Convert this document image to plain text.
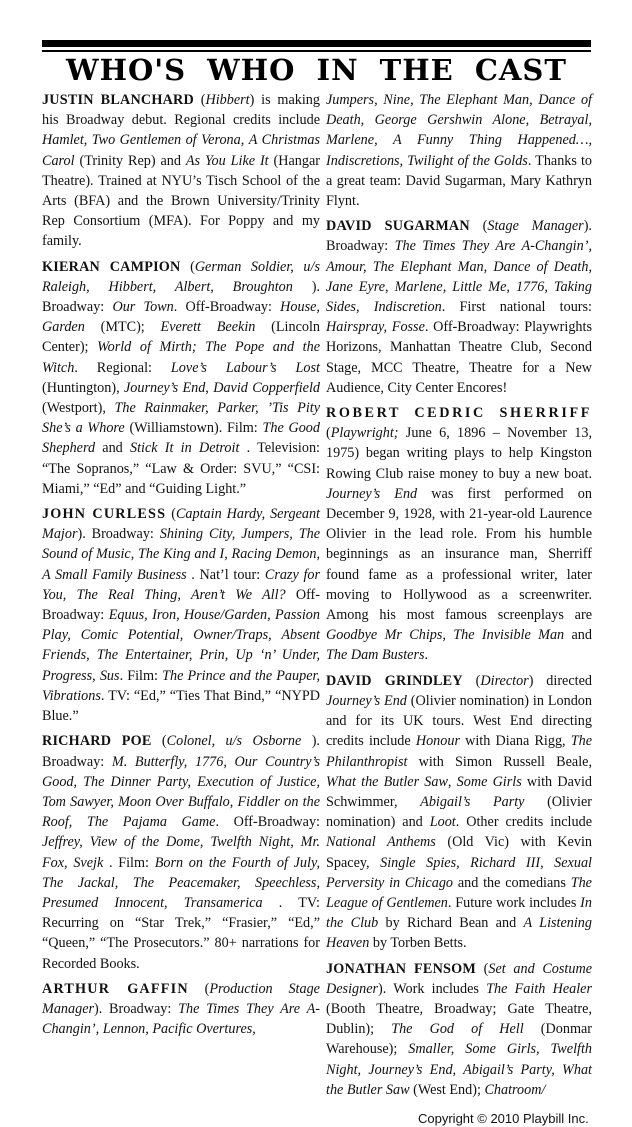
WHO'S WHO IN THE CAST

JUSTIN BLANCHARD (Hibbert) is making his Broadway debut. Regional credits include Hamlet, Two Gentlemen of Verona, A Christmas Carol (Trinity Rep) and As You Like It (Hangar Theatre). Trained at NYU’s Tisch School of the Arts (BFA) and the Brown University/Trinity Rep Consortium (MFA). For Poppy and my family.

KIERAN CAMPION (German Soldier, u/s Raleigh, Hibbert, Albert, Broughton ). Broadway: Our Town. Off-Broadway: House, Garden (MTC); Everett Beekin (Lincoln Center); World of Mirth; The Pope and the Witch. Regional: Love’s Labour’s Lost (Huntington), Journey’s End, David Copperfield (Westport), The Rainmaker, Parker, ’Tis Pity She’s a Whore (Williamstown). Film: The Good Shepherd and Stick It in Detroit . Television: “The Sopranos,” “Law & Order: SVU,” “CSI: Miami,” “Ed” and “Guiding Light.”

JOHN CURLESS (Captain Hardy, Sergeant Major). Broadway: Shining City, Jumpers, The Sound of Music, The King and I, Racing Demon, A Small Family Business . Nat’l tour: Crazy for You, The Real Thing, Aren’t We All? Off-Broadway: Equus, Iron, House/Garden, Passion Play, Comic Potential, Owner/Traps, Absent Friends, The Entertainer, Prin, Up ‘n’ Under, Progress, Sus. Film: The Prince and the Pauper, Vibrations. TV: “Ed,” “Ties That Bind,” “NYPD Blue.”

RICHARD POE (Colonel, u/s Osborne ). Broadway: M. Butterfly, 1776, Our Country’s Good, The Dinner Party, Execution of Justice, Tom Sawyer, Moon Over Buffalo, Fiddler on the Roof, The Pajama Game. Off-Broadway: Jeffrey, View of the Dome, Twelfth Night, Mr. Fox, Svejk . Film: Born on the Fourth of July, The Jackal, The Peacemaker, Speechless, Presumed Innocent, Transamerica . TV: Recurring on “Star Trek,” “Frasier,” “Ed,” “Queen,” “The Prosecutors.” 80+ narrations for Recorded Books.

ARTHUR GAFFIN (Production Stage Manager). Broadway: The Times They Are A-Changin’, Lennon, Pacific Overtures,

Jumpers, Nine, The Elephant Man, Dance of Death, George Gershwin Alone, Betrayal, Marlene, A Funny Thing Happened…, Indiscretions, Twilight of the Golds. Thanks to a great team: David Sugarman, Mary Kathryn Flynt.

DAVID SUGARMAN (Stage Manager). Broadway: The Times They Are A-Changin’, Amour, The Elephant Man, Dance of Death, Jane Eyre, Marlene, Little Me, 1776, Taking Sides, Indiscretion. First national tours: Hairspray, Fosse. Off-Broadway: Playwrights Horizons, Manhattan Theatre Club, Second Stage, MCC Theatre, Theatre for a New Audience, City Center Encores!

ROBERT CEDRIC SHERRIFF (Playwright; June 6, 1896 – November 13, 1975) began writing plays to help Kingston Rowing Club raise money to buy a new boat. Journey’s End was first performed on December 9, 1928, with 21-year-old Laurence Olivier in the lead role. From his humble beginnings as an insurance man, Sherriff found fame as a professional writer, later moving to Hollywood as a screenwriter. Among his most famous screenplays are Goodbye Mr Chips, The Invisible Man and The Dam Busters.

DAVID GRINDLEY (Director) directed Journey’s End (Olivier nomination) in London and for its UK tours. West End directing credits include Honour with Diana Rigg, The Philanthropist with Simon Russell Beale, What the Butler Saw, Some Girls with David Schwimmer, Abigail’s Party (Olivier nomination) and Loot. Other credits include National Anthems (Old Vic) with Kevin Spacey, Single Spies, Richard III, Sexual Perversity in Chicago and the comedians The League of Gentlemen. Future work includes In the Club by Richard Bean and A Listening Heaven by Torben Betts.

JONATHAN FENSOM (Set and Costume Designer). Work includes The Faith Healer (Booth Theatre, Broadway; Gate Theatre, Dublin); The God of Hell (Donmar Warehouse); Smaller, Some Girls, Twelfth Night, Journey’s End, Abigail’s Party, What the Butler Saw (West End); Chatroom/

Copyright © 2010 Playbill Inc.
